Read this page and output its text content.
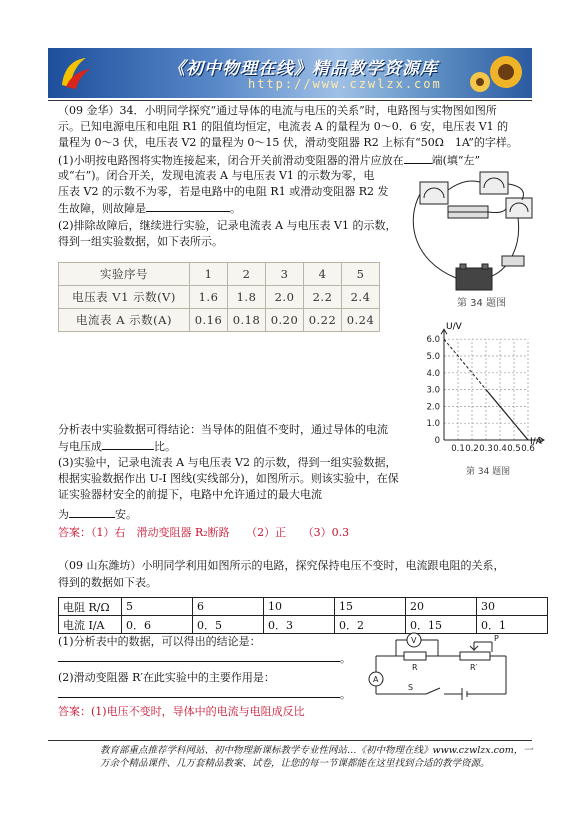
《初中物理在线》精品教学资源库
http://www.czwlzx.com
（09 金华）34．小明同学探究“通过导体的电流与电压的关系”时，电路图与实物图如图所
示。已知电源电压和电阻 R1 的阻值均恒定，电流表 A 的量程为 0～0．6 安，电压表 V1 的
量程为 0～3 伏，电压表 V2 的量程为 0～15 伏，滑动变阻器 R2 上标有“50Ω　1A”的字样。
(1)小明按电路图将实物连接起来，闭合开关前滑动变阻器的滑片应放在	端(填“左”
或“右”)。闭合开关，发现电流表 A 与电压表 V1 的示数为零，电
压表 V2 的示数不为零，若是电路中的电阻 R1 或滑动变阻器 R2 发
生故障，则故障是	。
(2)排除故障后，继续进行实验，记录电流表 A 与电压表 V1 的示数，
得到一组实验数据，如下表所示。
第 34 题图
实验序号	1	2	3	4	5
电压表 V1 示数(V)	1.6	1.8	2.0	2.2	2.4
电流表 A 示数(A)	0.16	0.18	0.20	0.22	0.24
6.0
5.0
4.0
3.0
2.0
1.0
0
0.1 0.2 0.3 0.4 0.5 0.6
U/V
I/A
第 34 题图
分析表中实验数据可得结论：当导体的阻值不变时，通过导体的电流
与电压成	比。
(3)实验中，记录电流表 A 与电压表 V2 的示数，得到一组实验数据，
根据实验数据作出 U-I 图线(实线部分)，如图所示。则该实验中，在保
证实验器材安全的前提下，电路中允许通过的最大电流
为	安。
答案：（1）右　滑动变阻器 R₂断路　　（2）正　　（3）0.3
（09 山东潍坊）小明同学利用如图所示的电路，探究保持电压不变时，电流跟电阻的关系，
得到的数据如下表。
电阻 R/Ω	5	6	10	15	20	30
电流 I/A	0．6	0．5	0．3	0．2	0．15	0．1
(1)分析表中的数据，可以得出的结论是：
。
(2)滑动变阻器 R′在此实验中的主要作用是：
。
答案：(1)电压不变时，导体中的电流与电阻成反比
V
R
A
R′
P
S
教育部重点推荐学科网站、初中物理新课标教学专业性网站…《初中物理在线》www.czwlzx.com，一
万余个精品课件、几万套精品教案、试卷，让您的每一节课都能在这里找到合适的教学资源。
